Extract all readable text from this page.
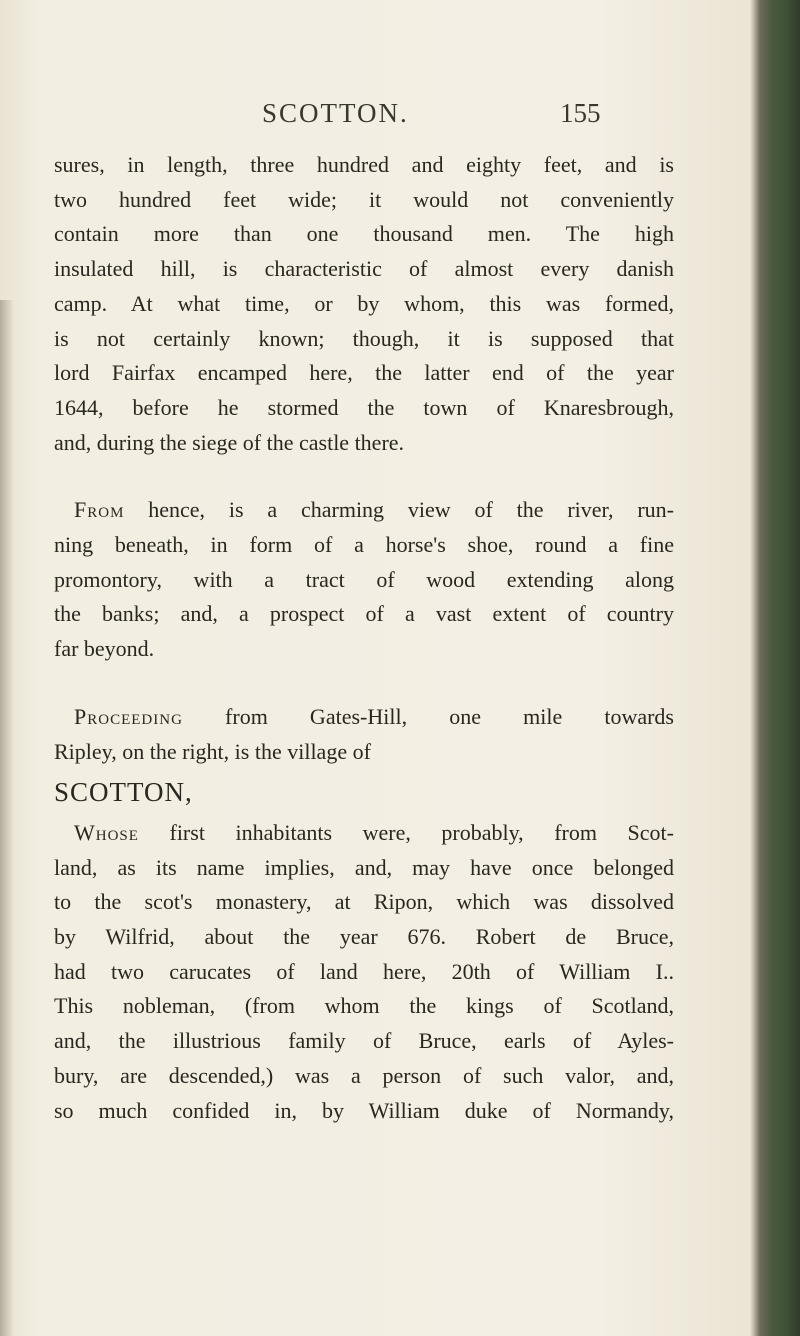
SCOTTON.	155
sures, in length, three hundred and eighty feet, and is
two hundred feet wide; it would not conveniently
contain more than one thousand men. The high
insulated hill, is characteristic of almost every danish
camp. At what time, or by whom, this was formed,
is not certainly known; though, it is supposed that
lord Fairfax encamped here, the latter end of the year
1644, before he stormed the town of Knaresbrough,
and, during the siege of the castle there.
From hence, is a charming view of the river, run-
ning beneath, in form of a horse's shoe, round a fine
promontory, with a tract of wood extending along
the banks; and, a prospect of a vast extent of country
far beyond.
Proceeding from Gates-Hill, one mile towards
Ripley, on the right, is the village of
SCOTTON,
Whose first inhabitants were, probably, from Scot-
land, as its name implies, and, may have once belonged
to the scot's monastery, at Ripon, which was dissolved
by Wilfrid, about the year 676. Robert de Bruce,
had two carucates of land here, 20th of William I..
This nobleman, (from whom the kings of Scotland,
and, the illustrious family of Bruce, earls of Ayles-
bury, are descended,) was a person of such valor, and,
so much confided in, by William duke of Normandy,
